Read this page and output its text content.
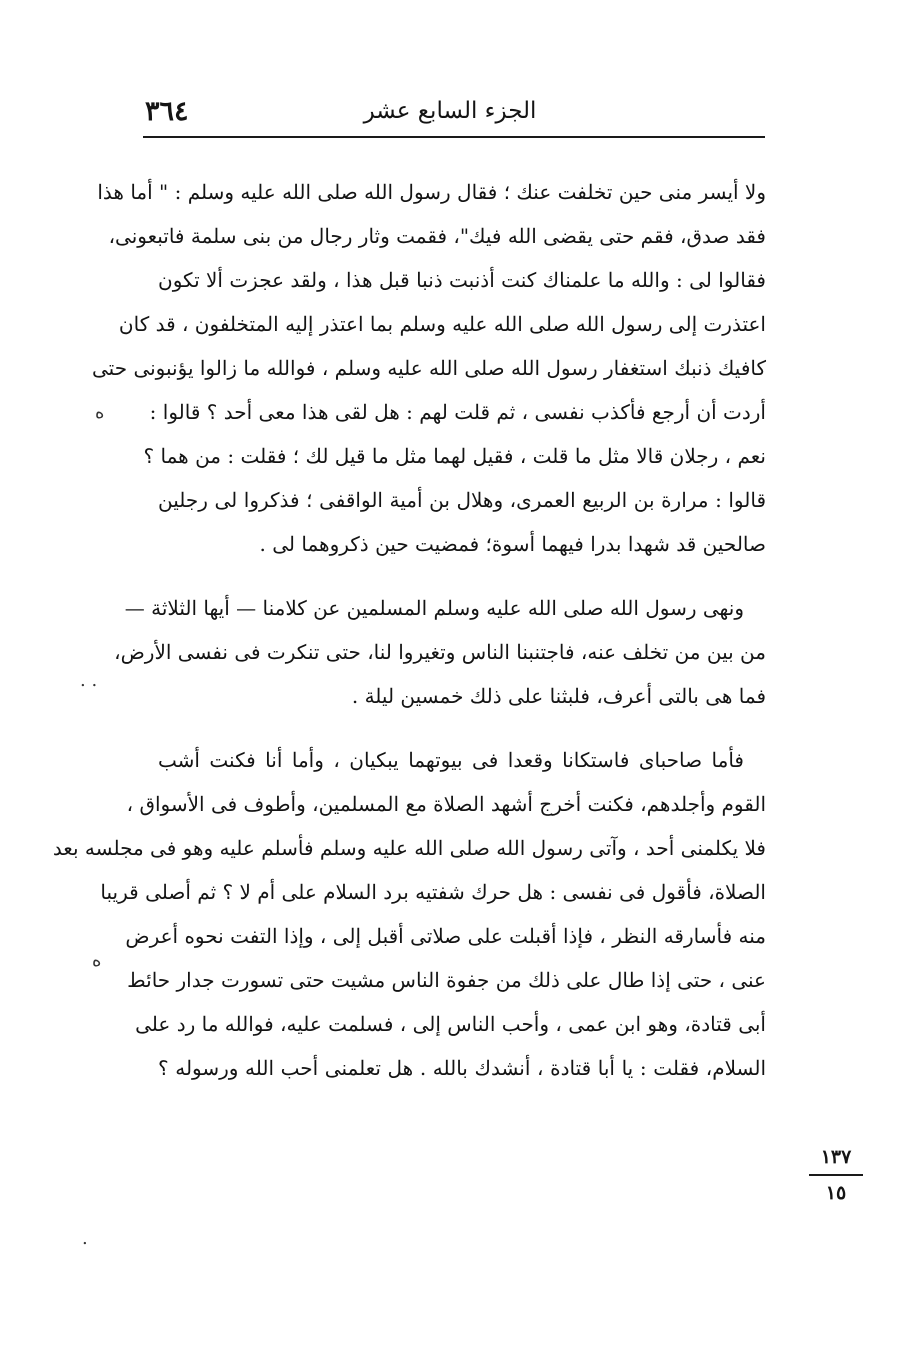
٣٦٤	الجزء السابع عشر
ولا أيسر منى حين تخلفت عنك ؛ فقال رسول الله صلى الله عليه وسلم : " أما هذا
فقد صدق، فقم حتى يقضى الله فيك"، فقمت وثار رجال من بنى سلمة فاتبعونى،
فقالوا لى : والله ما علمناك كنت أذنبت ذنبا قبل هذا ، ولقد عجزت ألا تكون
اعتذرت إلى رسول الله صلى الله عليه وسلم بما اعتذر إليه المتخلفون ، قد كان
كافيك ذنبك استغفار رسول الله صلى الله عليه وسلم ، فوالله ما زالوا يؤنبونى حتى
أردت أن أرجع فأكذب نفسى ، ثم قلت لهم : هل لقى هذا معى أحد ؟ قالوا :
نعم ، رجلان قالا مثل ما قلت ، فقيل لهما مثل ما قيل لك ؛ فقلت : من هما ؟
قالوا : مرارة بن الربيع العمرى، وهلال بن أمية الواقفى ؛ فذكروا لى رجلين
صالحين قد شهدا بدرا فيهما أسوة؛ فمضيت حين ذكروهما لى .
ونهى رسول الله صلى الله عليه وسلم المسلمين عن كلامنا — أيها الثلاثة —
من بين من تخلف عنه، فاجتنبنا الناس وتغيروا لنا، حتى تنكرت فى نفسى الأرض،
فما هى بالتى أعرف، فلبثنا على ذلك خمسين ليلة .
فأما صاحباى فاستكانا وقعدا فى بيوتهما يبكيان ، وأما أنا فكنت أشب
القوم وأجلدهم، فكنت أخرج أشهد الصلاة مع المسلمين، وأطوف فى الأسواق ،
فلا يكلمنى أحد ، وآتى رسول الله صلى الله عليه وسلم فأسلم عليه وهو فى مجلسه بعد
الصلاة، فأقول فى نفسى : هل حرك شفتيه برد السلام على أم لا ؟ ثم أصلى قريبا
منه فأسارقه النظر ، فإذا أقبلت على صلاتى أقبل إلى ، وإذا التفت نحوه أعرض
عنى ، حتى إذا طال على ذلك من جفوة الناس مشيت حتى تسورت جدار حائط
أبى قتادة، وهو ابن عمى ، وأحب الناس إلى ، فسلمت عليه، فوالله ما رد على
السلام، فقلت : يا أبا قتادة ، أنشدك بالله . هل تعلمنى أحب الله ورسوله ؟
ه
. .
ه
.
١٣٧
١٥
